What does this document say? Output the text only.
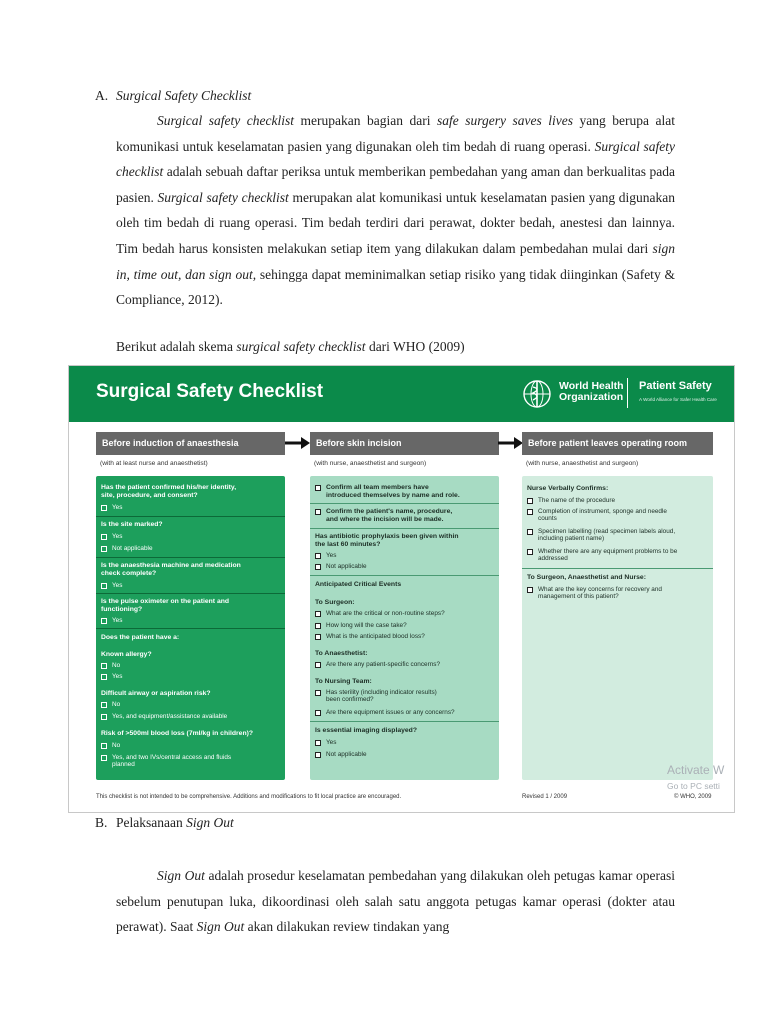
A. Surgical Safety Checklist

Surgical safety checklist merupakan bagian dari safe surgery saves lives yang berupa alat komunikasi untuk keselamatan pasien yang digunakan oleh tim bedah di ruang operasi. Surgical safety checklist adalah sebuah daftar periksa untuk memberikan pembedahan yang aman dan berkualitas pada pasien. Surgical safety checklist merupakan alat komunikasi untuk keselamatan pasien yang digunakan oleh tim bedah di ruang operasi. Tim bedah terdiri dari perawat, dokter bedah, anestesi dan lainnya. Tim bedah harus konsisten melakukan setiap item yang dilakukan dalam pembedahan mulai dari sign in, time out, dan sign out, sehingga dapat meminimalkan setiap risiko yang tidak diinginkan (Safety & Compliance, 2012).

Berikut adalah skema surgical safety checklist dari WHO (2009)
Surgical Safety Checklist	World Health
Organization
Patient Safety
A World Alliance for Safer Health Care
Before induction of anaesthesia	Before skin incision	Before patient leaves operating room
(with at least nurse and anaesthetist)	(with nurse, anaesthetist and surgeon)	(with nurse, anaesthetist and surgeon)
Has the patient confirmed his/her identity,
site, procedure, and consent?
Yes
Is the site marked?
Yes
Not applicable
Is the anaesthesia machine and medication
check complete?
Yes
Is the pulse oximeter on the patient and
functioning?
Yes
Does the patient have a:
Known allergy?
No
Yes
Difficult airway or aspiration risk?
No
Yes, and equipment/assistance available
Risk of >500ml blood loss (7ml/kg in children)?
No
Yes, and two IVs/central access and fluids
planned
Confirm all team members have
introduced themselves by name and role.
Confirm the patient's name, procedure,
and where the incision will be made.
Has antibiotic prophylaxis been given within
the last 60 minutes?
Yes
Not applicable
Anticipated Critical Events
To Surgeon:
What are the critical or non-routine steps?
How long will the case take?
What is the anticipated blood loss?
To Anaesthetist:
Are there any patient-specific concerns?
To Nursing Team:
Has sterility (including indicator results)
been confirmed?
Are there equipment issues or any concerns?
Is essential imaging displayed?
Yes
Not applicable
Nurse Verbally Confirms:
The name of the procedure
Completion of instrument, sponge and needle
counts
Specimen labelling (read specimen labels aloud,
including patient name)
Whether there are any equipment problems to be
addressed
To Surgeon, Anaesthetist and Nurse:
What are the key concerns for recovery and
management of this patient?
This checklist is not intended to be comprehensive. Additions and modifications to fit local practice are encouraged.	Revised 1 / 2009	© WHO, 2009
Activate W
Go to PC setti
B. Pelaksanaan Sign Out

Sign Out adalah prosedur keselamatan pembedahan yang dilakukan oleh petugas kamar operasi sebelum penutupan luka, dikoordinasi oleh salah satu anggota petugas kamar operasi (dokter atau perawat). Saat Sign Out akan dilakukan review tindakan yang
